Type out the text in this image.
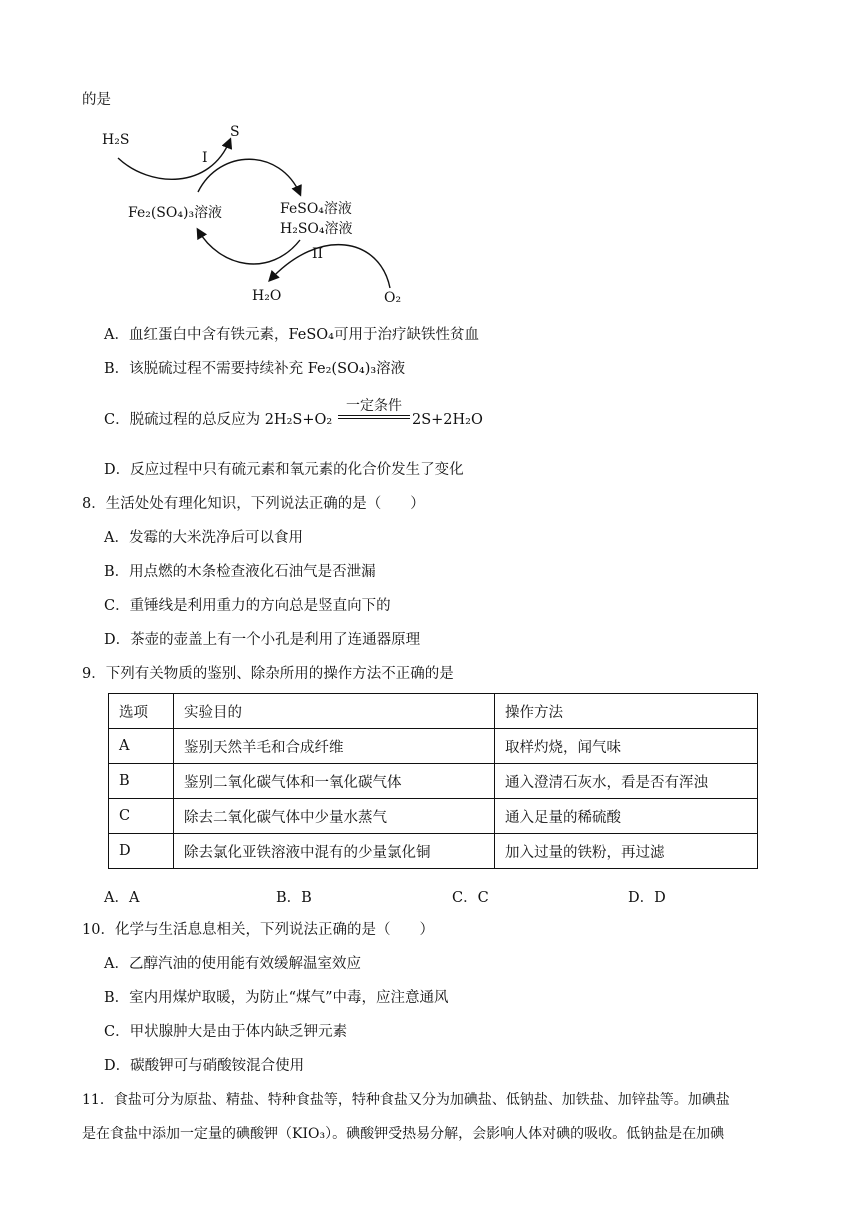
的是
H₂S	S
I
Fe₂(SO₄)₃溶液	FeSO₄溶液
H₂SO₄溶液
II
H₂O	O₂
A．血红蛋白中含有铁元素，FeSO₄可用于治疗缺铁性贫血
B．该脱硫过程不需要持续补充 Fe₂(SO₄)₃溶液
C．脱硫过程的总反应为 2H₂S+O₂
一定条件
2S+2H₂O
D．反应过程中只有硫元素和氧元素的化合价发生了变化
8．生活处处有理化知识，下列说法正确的是（　　）
A．发霉的大米洗净后可以食用
B．用点燃的木条检查液化石油气是否泄漏
C．重锤线是利用重力的方向总是竖直向下的
D．茶壶的壶盖上有一个小孔是利用了连通器原理
9．下列有关物质的鉴别、除杂所用的操作方法不正确的是
选项	实验目的	操作方法
A	鉴别天然羊毛和合成纤维	取样灼烧，闻气味
B	鉴别二氧化碳气体和一氧化碳气体	通入澄清石灰水，看是否有浑浊
C	除去二氧化碳气体中少量水蒸气	通入足量的稀硫酸
D	除去氯化亚铁溶液中混有的少量氯化铜	加入过量的铁粉，再过滤
A．A	B．B	C．C	D．D
10．化学与生活息息相关，下列说法正确的是（　　）
A．乙醇汽油的使用能有效缓解温室效应
B．室内用煤炉取暖，为防止“煤气”中毒，应注意通风
C．甲状腺肿大是由于体内缺乏钾元素
D．碳酸钾可与硝酸铵混合使用
11．食盐可分为原盐、精盐、特种食盐等，特种食盐又分为加碘盐、低钠盐、加铁盐、加锌盐等。加碘盐
是在食盐中添加一定量的碘酸钾（KIO₃）。碘酸钾受热易分解，会影响人体对碘的吸收。低钠盐是在加碘
